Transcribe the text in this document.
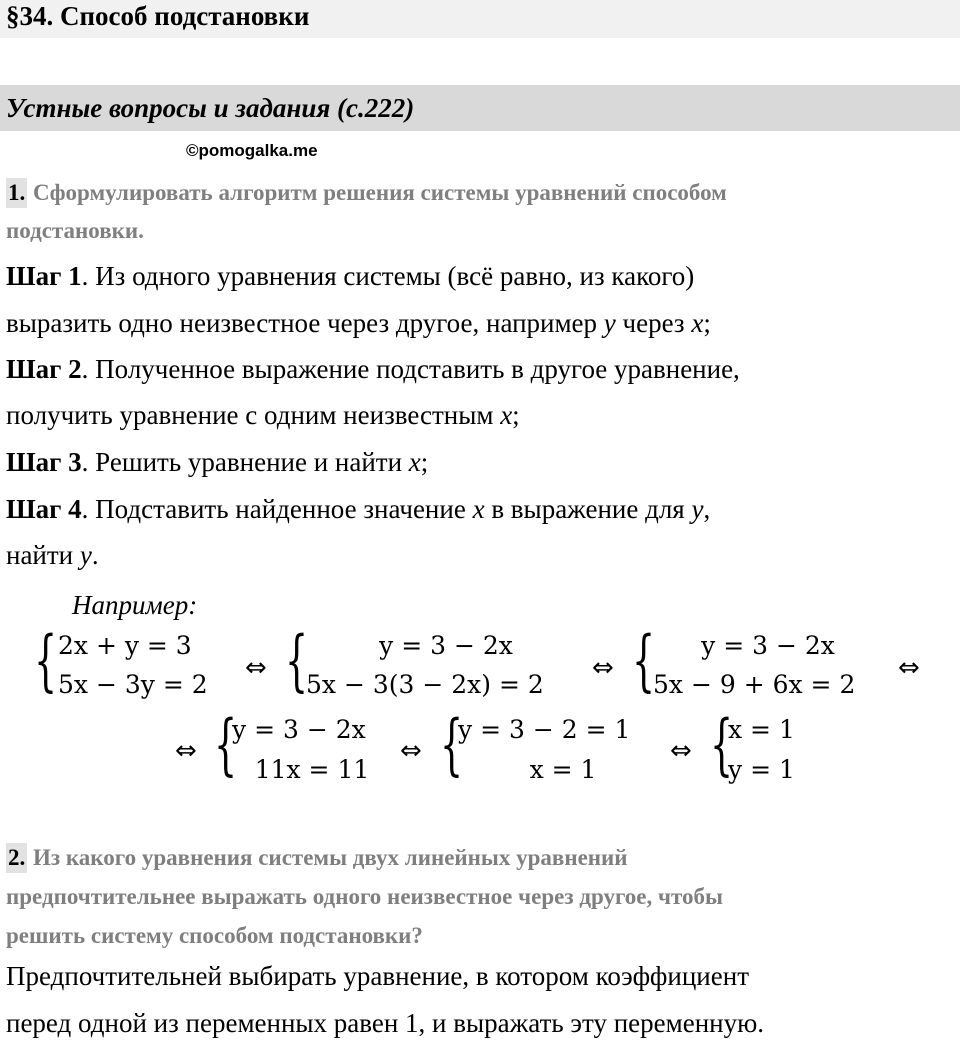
§34. Способ подстановки
Устные вопросы и задания (с.222)
©pomogalka.me
1. Сформулировать алгоритм решения системы уравнений способом
подстановки.
Шаг 1. Из одного уравнения системы (всё равно, из какого)
выразить одно неизвестное через другое, например y через x;
Шаг 2. Полученное выражение подставить в другое уравнение,
получить уравнение с одним неизвестным x;
Шаг 3. Решить уравнение и найти x;
Шаг 4. Подставить найденное значение x в выражение для y,
найти y.
Например:
{ 2x + y = 3
5x − 3y = 2
⇔ {	y = 3 − 2x
5x − 3(3 − 2x) = 2
⇔ {	y = 3 − 2x
5x − 9 + 6x = 2
⇔
⇔ {
y = 3 − 2x
11x = 11
⇔ {
y = 3 − 2 = 1
x = 1
⇔ {
x = 1
y = 1
2. Из какого уравнения системы двух линейных уравнений
предпочтительнее выражать одного неизвестное через другое, чтобы
решить систему способом подстановки?
Предпочтительней выбирать уравнение, в котором коэффициент
перед одной из переменных равен 1, и выражать эту переменную.
